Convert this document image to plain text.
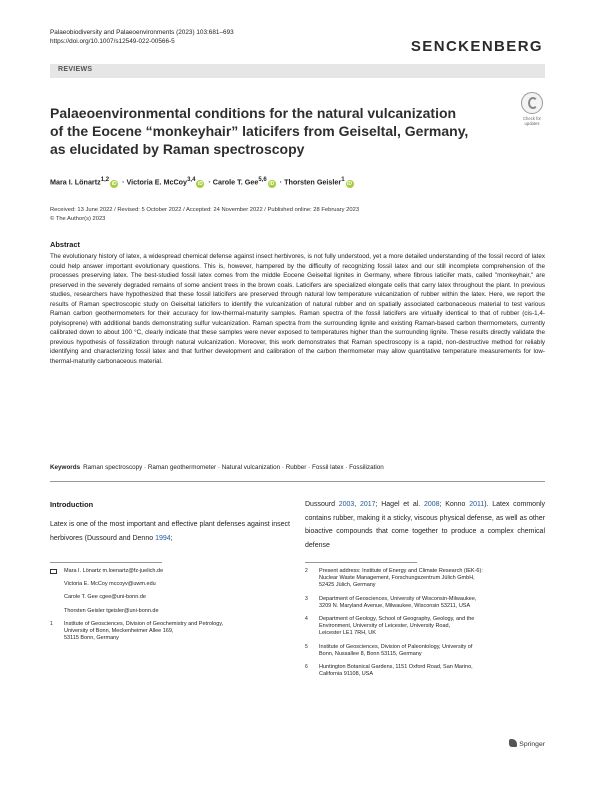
Palaeobiodiversity and Palaeoenvironments (2023) 103:681–693
https://doi.org/10.1007/s12549-022-00566-5	SENCKENBERG
REVIEWS
Check for updates
Palaeoenvironmental conditions for the natural vulcanization
of the Eocene “monkeyhair” laticifers from Geiseltal, Germany,
as elucidated by Raman spectroscopy
Mara I. Lönartz$^{1,2}$iD · Victoria E. McCoy$^{3,4}$iD · Carole T. Gee$^{5,6}$iD · Thorsten Geisler$^1$iD
Received: 13 June 2022 / Revised: 5 October 2022 / Accepted: 24 November 2022 / Published online: 28 February 2023
© The Author(s) 2023
Abstract
The evolutionary history of latex, a widespread chemical defense against insect herbivores, is not fully understood, yet a more detailed understanding of the fossil record of latex could help answer important evolutionary questions. This is, however, hampered by the difficulty of recognizing fossil latex and our still incomplete comprehension of the processes preserving latex. The best-studied fossil latex comes from the middle Eocene Geiseltal lignites in Germany, where fibrous laticifer mats, called "monkeyhair," are preserved in the severely degraded remains of some ancient trees in the brown coals. Laticifers are specialized elongate cells that carry latex throughout the plant. In previous studies, researchers have hypothesized that these fossil laticifers are preserved through natural low temperature vulcanization of rubber within the latex. Here, we report the results of Raman spectroscopic study on Geiseltal laticifers to identify the vulcanization of natural rubber and on spatially associated carbonaceous material to test various Raman carbon geothermometers for their accuracy for low-thermal-maturity samples. Raman spectra of the fossil laticifers are virtually identical to that of rubber (cis-1,4-polyisoprene) with additional bands demonstrating sulfur vulcanization. Raman spectra from the surrounding lignite and existing Raman-based carbon thermometers, currently calibrated down to about 100 °C, clearly indicate that these samples were never exposed to temperatures higher than the surrounding lignite. These results directly validate the previous hypothesis of fossilization through natural vulcanization. Moreover, this work demonstrates that Raman spectroscopy is a rapid, non-destructive method for reliably identifying and characterizing fossil latex and that further development and calibration of the carbon thermometer may allow quantitative temperature measurements for low-thermal-maturity carbonaceous material.
Keywords Raman spectroscopy · Raman geothermometer · Natural vulcanization · Rubber · Fossil latex · Fossilization
Introduction
Latex is one of the most important and effective plant defenses against insect herbivores (Dussourd and Denno 1994;
Dussourd 2003, 2017; Hagel et al. 2008; Konno 2011). Latex commonly contains rubber, making it a sticky, viscous physical defense, as well as other bioactive compounds that come together to produce a complex chemical defense
Mara I. Lönartz m.loenartz@fz-juelich.de
Victoria E. McCoy mccoyv@uwm.edu
Carole T. Gee cgee@uni-bonn.de
Thorsten Geisler tgeisler@uni-bonn.de
1 Institute of Geosciences, Division of Geochemistry and Petrology,
University of Bonn, Meckenheimer Allee 169,
53115 Bonn, Germany
2 Present address: Institute of Energy and Climate Research (IEK-6):
Nuclear Waste Management, Forschungszentrum Jülich GmbH,
52425 Jülich, Germany
3 Department of Geosciences, University of Wisconsin-Milwaukee,
3209 N. Maryland Avenue, Milwaukee, Wisconsin 53211, USA
4 Department of Geology, School of Geography, Geology, and the
Environment, University of Leicester, University Road,
Leicester LE1 7RH, UK
5 Institute of Geosciences, Division of Paleontology, University of
Bonn, Nussallee 8, Bonn 53115, Germany
6 Huntington Botanical Gardens, 1151 Oxford Road, San Marino,
California 91108, USA
Springer
